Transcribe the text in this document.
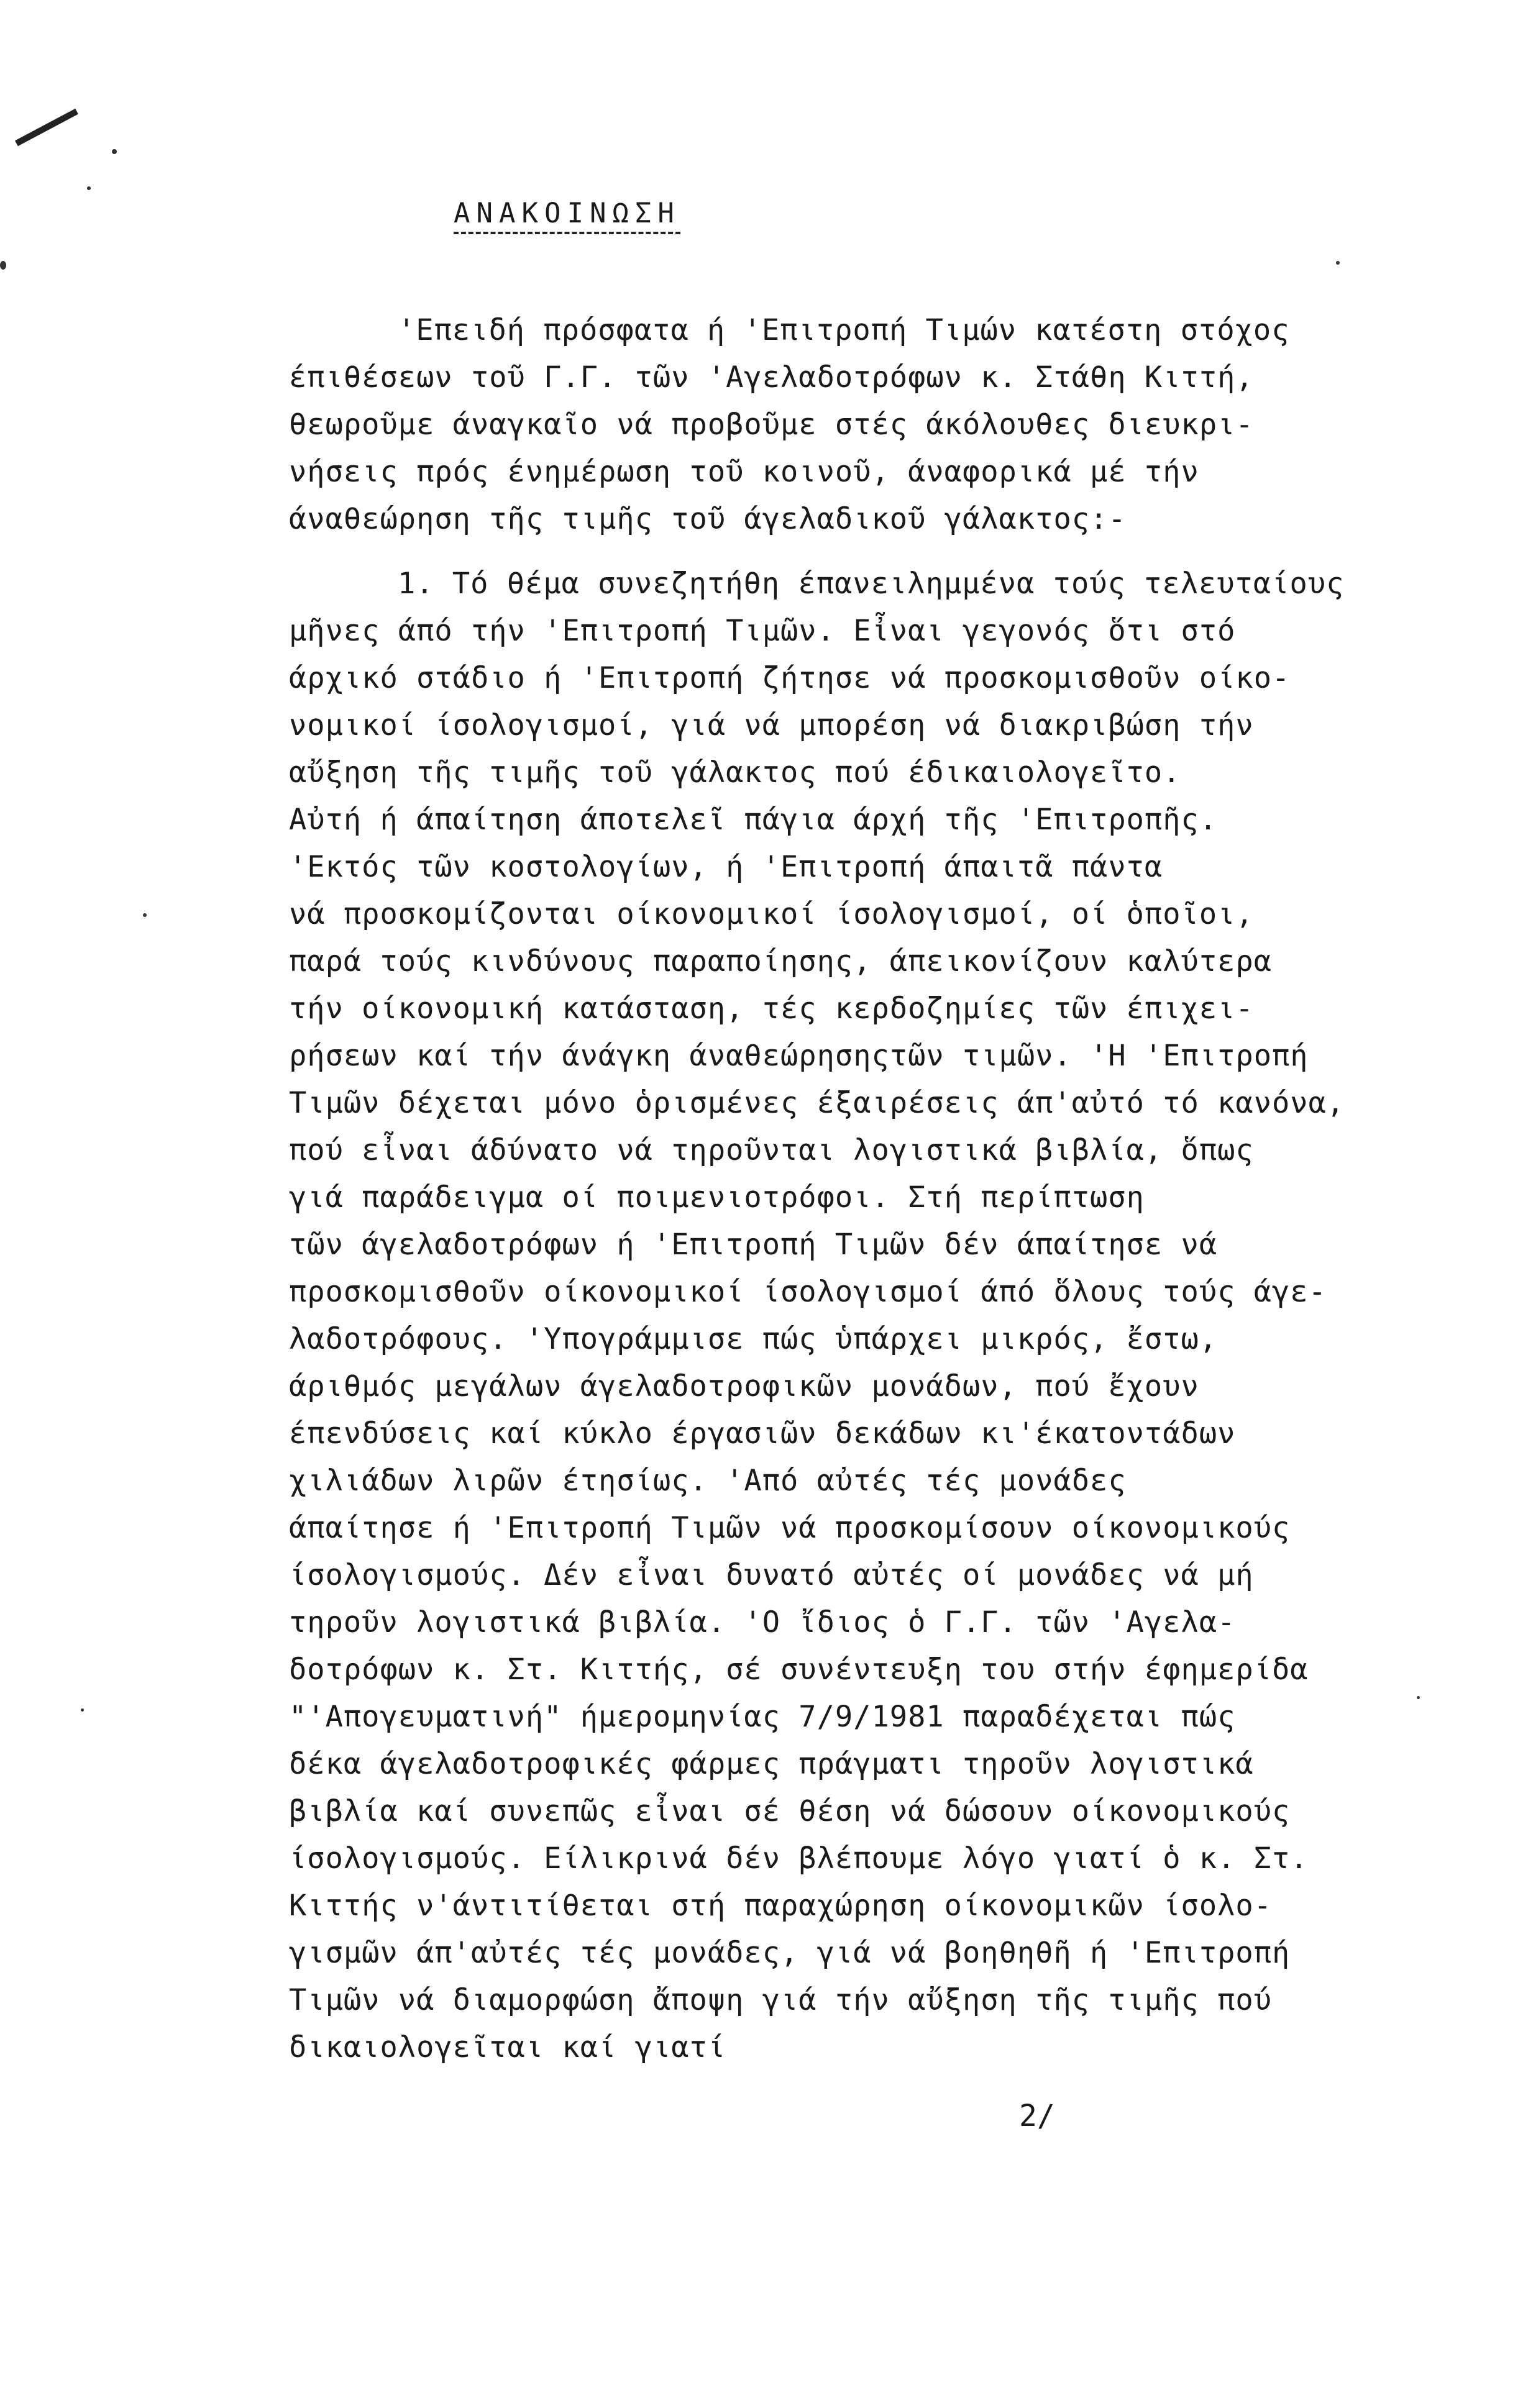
ΑΝΑΚΟΙΝΩΣΗ
'Επειδή πρόσφατα ή 'Επιτροπή Τιμών κατέστη στόχος
έπιθέσεων τοῦ Γ.Γ. τῶν 'Αγελαδοτρόφων κ. Στάθη Κιττή,
θεωροῦμε άναγκαῖο νά προβοῦμε στές άκόλουθες διευκρι-
νήσεις πρός ένημέρωση τοῦ κοινοῦ, άναφορικά μέ τήν
άναθεώρηση τῆς τιμῆς τοῦ άγελαδικοῦ γάλακτος:-
1. Τό θέμα συνεζητήθη έπανειλημμένα τούς τελευταίους
μῆνες άπό τήν 'Επιτροπή Τιμῶν. Εἶναι γεγονός ὅτι στό
άρχικό στάδιο ή 'Επιτροπή ζήτησε νά προσκομισθοῦν οίκο-
νομικοί ίσολογισμοί, γιά νά μπορέση νά διακριβώση τήν
αὔξηση τῆς τιμῆς τοῦ γάλακτος πού έδικαιολογεῖτο.
Αὐτή ή άπαίτηση άποτελεῖ πάγια άρχή τῆς 'Επιτροπῆς.
'Εκτός τῶν κοστολογίων, ή 'Επιτροπή άπαιτᾶ πάντα
νά προσκομίζονται οίκονομικοί ίσολογισμοί, οί ὁποῖοι,
παρά τούς κινδύνους παραποίησης, άπεικονίζουν καλύτερα
τήν οίκονομική κατάσταση, τές κερδοζημίες τῶν έπιχει-
ρήσεων καί τήν άνάγκη άναθεώρησηςτῶν τιμῶν. 'Η 'Επιτροπή
Τιμῶν δέχεται μόνο ὁρισμένες έξαιρέσεις άπ'αὐτό τό κανόνα,
πού εἶναι άδύνατο νά τηροῦνται λογιστικά βιβλία, ὅπως
γιά παράδειγμα οί ποιμενιοτρόφοι. Στή περίπτωση
τῶν άγελαδοτρόφων ή 'Επιτροπή Τιμῶν δέν άπαίτησε νά
προσκομισθοῦν οίκονομικοί ίσολογισμοί άπό ὅλους τούς άγε-
λαδοτρόφους. 'Υπογράμμισε πώς ὑπάρχει μικρός, ἔστω,
άριθμός μεγάλων άγελαδοτροφικῶν μονάδων, πού ἔχουν
έπενδύσεις καί κύκλο έργασιῶν δεκάδων κι'έκατοντάδων
χιλιάδων λιρῶν έτησίως. 'Από αὐτές τές μονάδες
άπαίτησε ή 'Επιτροπή Τιμῶν νά προσκομίσουν οίκονομικούς
ίσολογισμούς. Δέν εἶναι δυνατό αὐτές οί μονάδες νά μή
τηροῦν λογιστικά βιβλία. 'Ο ἴδιος ὁ Γ.Γ. τῶν 'Αγελα-
δοτρόφων κ. Στ. Κιττής, σέ συνέντευξη του στήν έφημερίδα
"'Απογευματινή" ήμερομηνίας 7/9/1981 παραδέχεται πώς
δέκα άγελαδοτροφικές φάρμες πράγματι τηροῦν λογιστικά
βιβλία καί συνεπῶς εἶναι σέ θέση νά δώσουν οίκονομικούς
ίσολογισμούς. Είλικρινά δέν βλέπουμε λόγο γιατί ὁ κ. Στ.
Κιττής ν'άντιτίθεται στή παραχώρηση οίκονομικῶν ίσολο-
γισμῶν άπ'αὐτές τές μονάδες, γιά νά βοηθηθῆ ή 'Επιτροπή
Τιμῶν νά διαμορφώση ἄποψη γιά τήν αὔξηση τῆς τιμῆς πού
δικαιολογεῖται καί γιατί
2/
